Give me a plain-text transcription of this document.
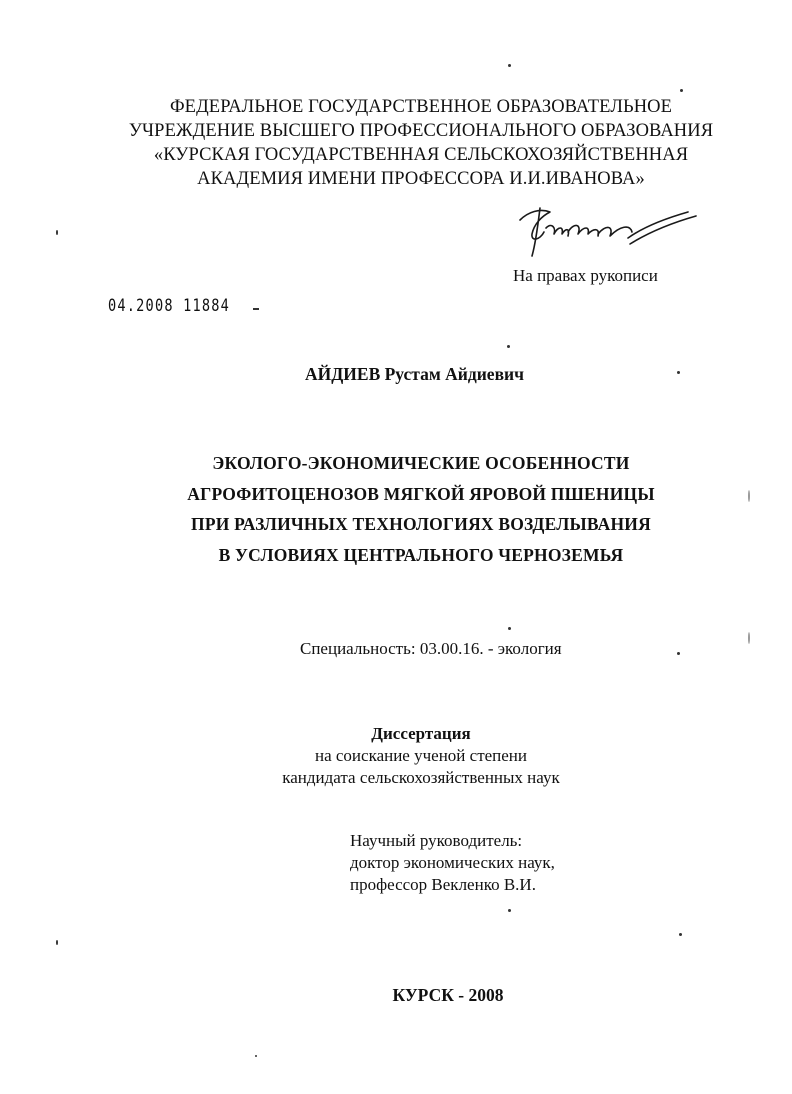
ФЕДЕРАЛЬНОЕ ГОСУДАРСТВЕННОЕ ОБРАЗОВАТЕЛЬНОЕ
УЧРЕЖДЕНИЕ ВЫСШЕГО ПРОФЕССИОНАЛЬНОГО ОБРАЗОВАНИЯ
«КУРСКАЯ ГОСУДАРСТВЕННАЯ СЕЛЬСКОХОЗЯЙСТВЕННАЯ
АКАДЕМИЯ ИМЕНИ ПРОФЕССОРА И.И.ИВАНОВА»
На правах рукописи
04.2008 11884
АЙДИЕВ Рустам Айдиевич
ЭКОЛОГО-ЭКОНОМИЧЕСКИЕ ОСОБЕННОСТИ
АГРОФИТОЦЕНОЗОВ МЯГКОЙ ЯРОВОЙ ПШЕНИЦЫ
ПРИ РАЗЛИЧНЫХ ТЕХНОЛОГИЯХ ВОЗДЕЛЫВАНИЯ
В УСЛОВИЯХ ЦЕНТРАЛЬНОГО ЧЕРНОЗЕМЬЯ
Специальность: 03.00.16. - экология
Диссертация
на соискание ученой степени
кандидата сельскохозяйственных наук
Научный руководитель:
доктор экономических наук,
профессор Векленко В.И.
КУРСК - 2008
